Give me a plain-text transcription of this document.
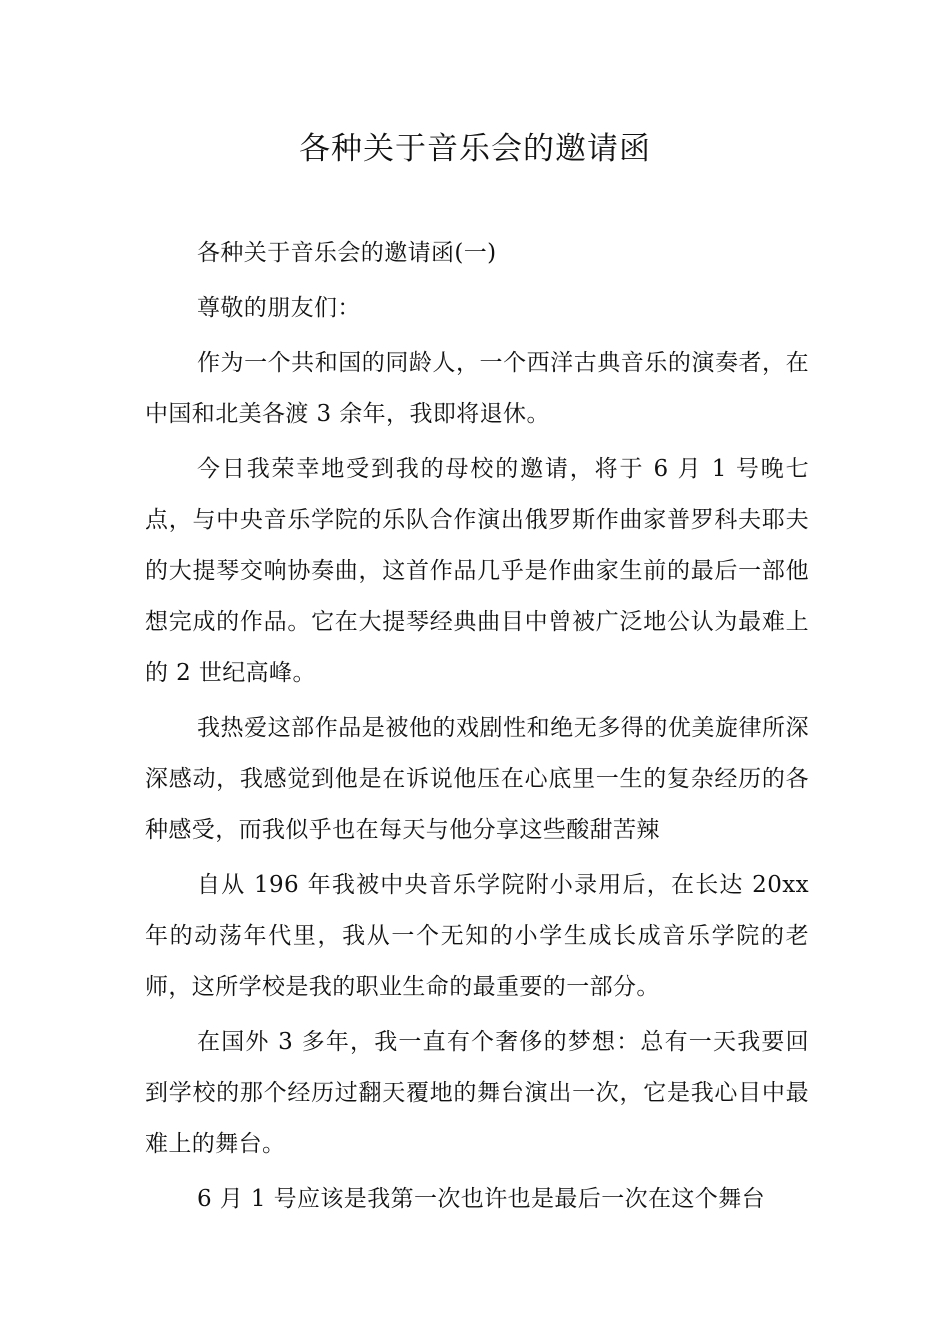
各种关于音乐会的邀请函

各种关于音乐会的邀请函(一)

尊敬的朋友们：

作为一个共和国的同龄人，一个西洋古典音乐的演奏者，在中国和北美各渡 3 余年，我即将退休。

今日我荣幸地受到我的母校的邀请，将于 6 月 1 号晚七点，与中央音乐学院的乐队合作演出俄罗斯作曲家普罗科夫耶夫的大提琴交响协奏曲，这首作品几乎是作曲家生前的最后一部他想完成的作品。它在大提琴经典曲目中曾被广泛地公认为最难上的 2 世纪高峰。

我热爱这部作品是被他的戏剧性和绝无多得的优美旋律所深深感动，我感觉到他是在诉说他压在心底里一生的复杂经历的各种感受，而我似乎也在每天与他分享这些酸甜苦辣

自从 196 年我被中央音乐学院附小录用后，在长达 20xx 年的动荡年代里，我从一个无知的小学生成长成音乐学院的老师，这所学校是我的职业生命的最重要的一部分。

在国外 3 多年，我一直有个奢侈的梦想：总有一天我要回到学校的那个经历过翻天覆地的舞台演出一次，它是我心目中最难上的舞台。

6 月 1 号应该是我第一次也许也是最后一次在这个舞台
